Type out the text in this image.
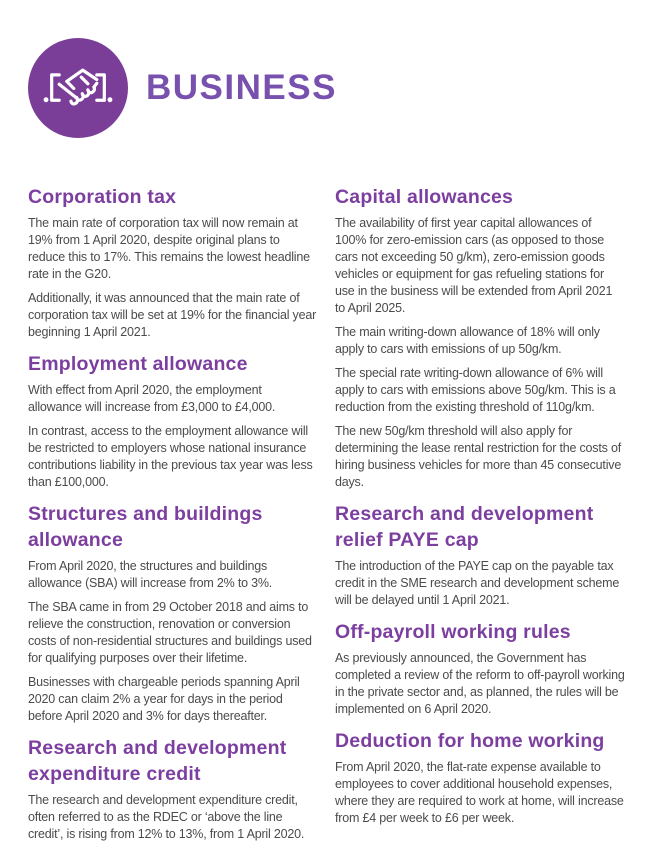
BUSINESS
Corporation tax

The main rate of corporation tax will now remain at 19% from 1 April 2020, despite original plans to reduce this to 17%. This remains the lowest headline rate in the G20.

Additionally, it was announced that the main rate of corporation tax will be set at 19% for the financial year beginning 1 April 2021.

Employment allowance

With effect from April 2020, the employment allowance will increase from £3,000 to £4,000.

In contrast, access to the employment allowance will be restricted to employers whose national insurance contributions liability in the previous tax year was less than £100,000.

Structures and buildings allowance

From April 2020, the structures and buildings allowance (SBA) will increase from 2% to 3%.

The SBA came in from 29 October 2018 and aims to relieve the construction, renovation or conversion costs of non-residential structures and buildings used for qualifying purposes over their lifetime.

Businesses with chargeable periods spanning April 2020 can claim 2% a year for days in the period before April 2020 and 3% for days thereafter.

Research and development expenditure credit

The research and development expenditure credit, often referred to as the RDEC or ‘above the line credit’, is rising from 12% to 13%, from 1 April 2020.

Capital allowances

The availability of first year capital allowances of 100% for zero-emission cars (as opposed to those cars not exceeding 50 g/km), zero-emission goods vehicles or equipment for gas refueling stations for use in the business will be extended from April 2021 to April 2025.

The main writing-down allowance of 18% will only apply to cars with emissions of up 50g/km.

The special rate writing-down allowance of 6% will apply to cars with emissions above 50g/km. This is a reduction from the existing threshold of 110g/km.

The new 50g/km threshold will also apply for determining the lease rental restriction for the costs of hiring business vehicles for more than 45 consecutive days.

Research and development relief PAYE cap

The introduction of the PAYE cap on the payable tax credit in the SME research and development scheme will be delayed until 1 April 2021.

Off-payroll working rules

As previously announced, the Government has completed a review of the reform to off-payroll working in the private sector and, as planned, the rules will be implemented on 6 April 2020.

Deduction for home working

From April 2020, the flat-rate expense available to employees to cover additional household expenses, where they are required to work at home, will increase from £4 per week to £6 per week.
